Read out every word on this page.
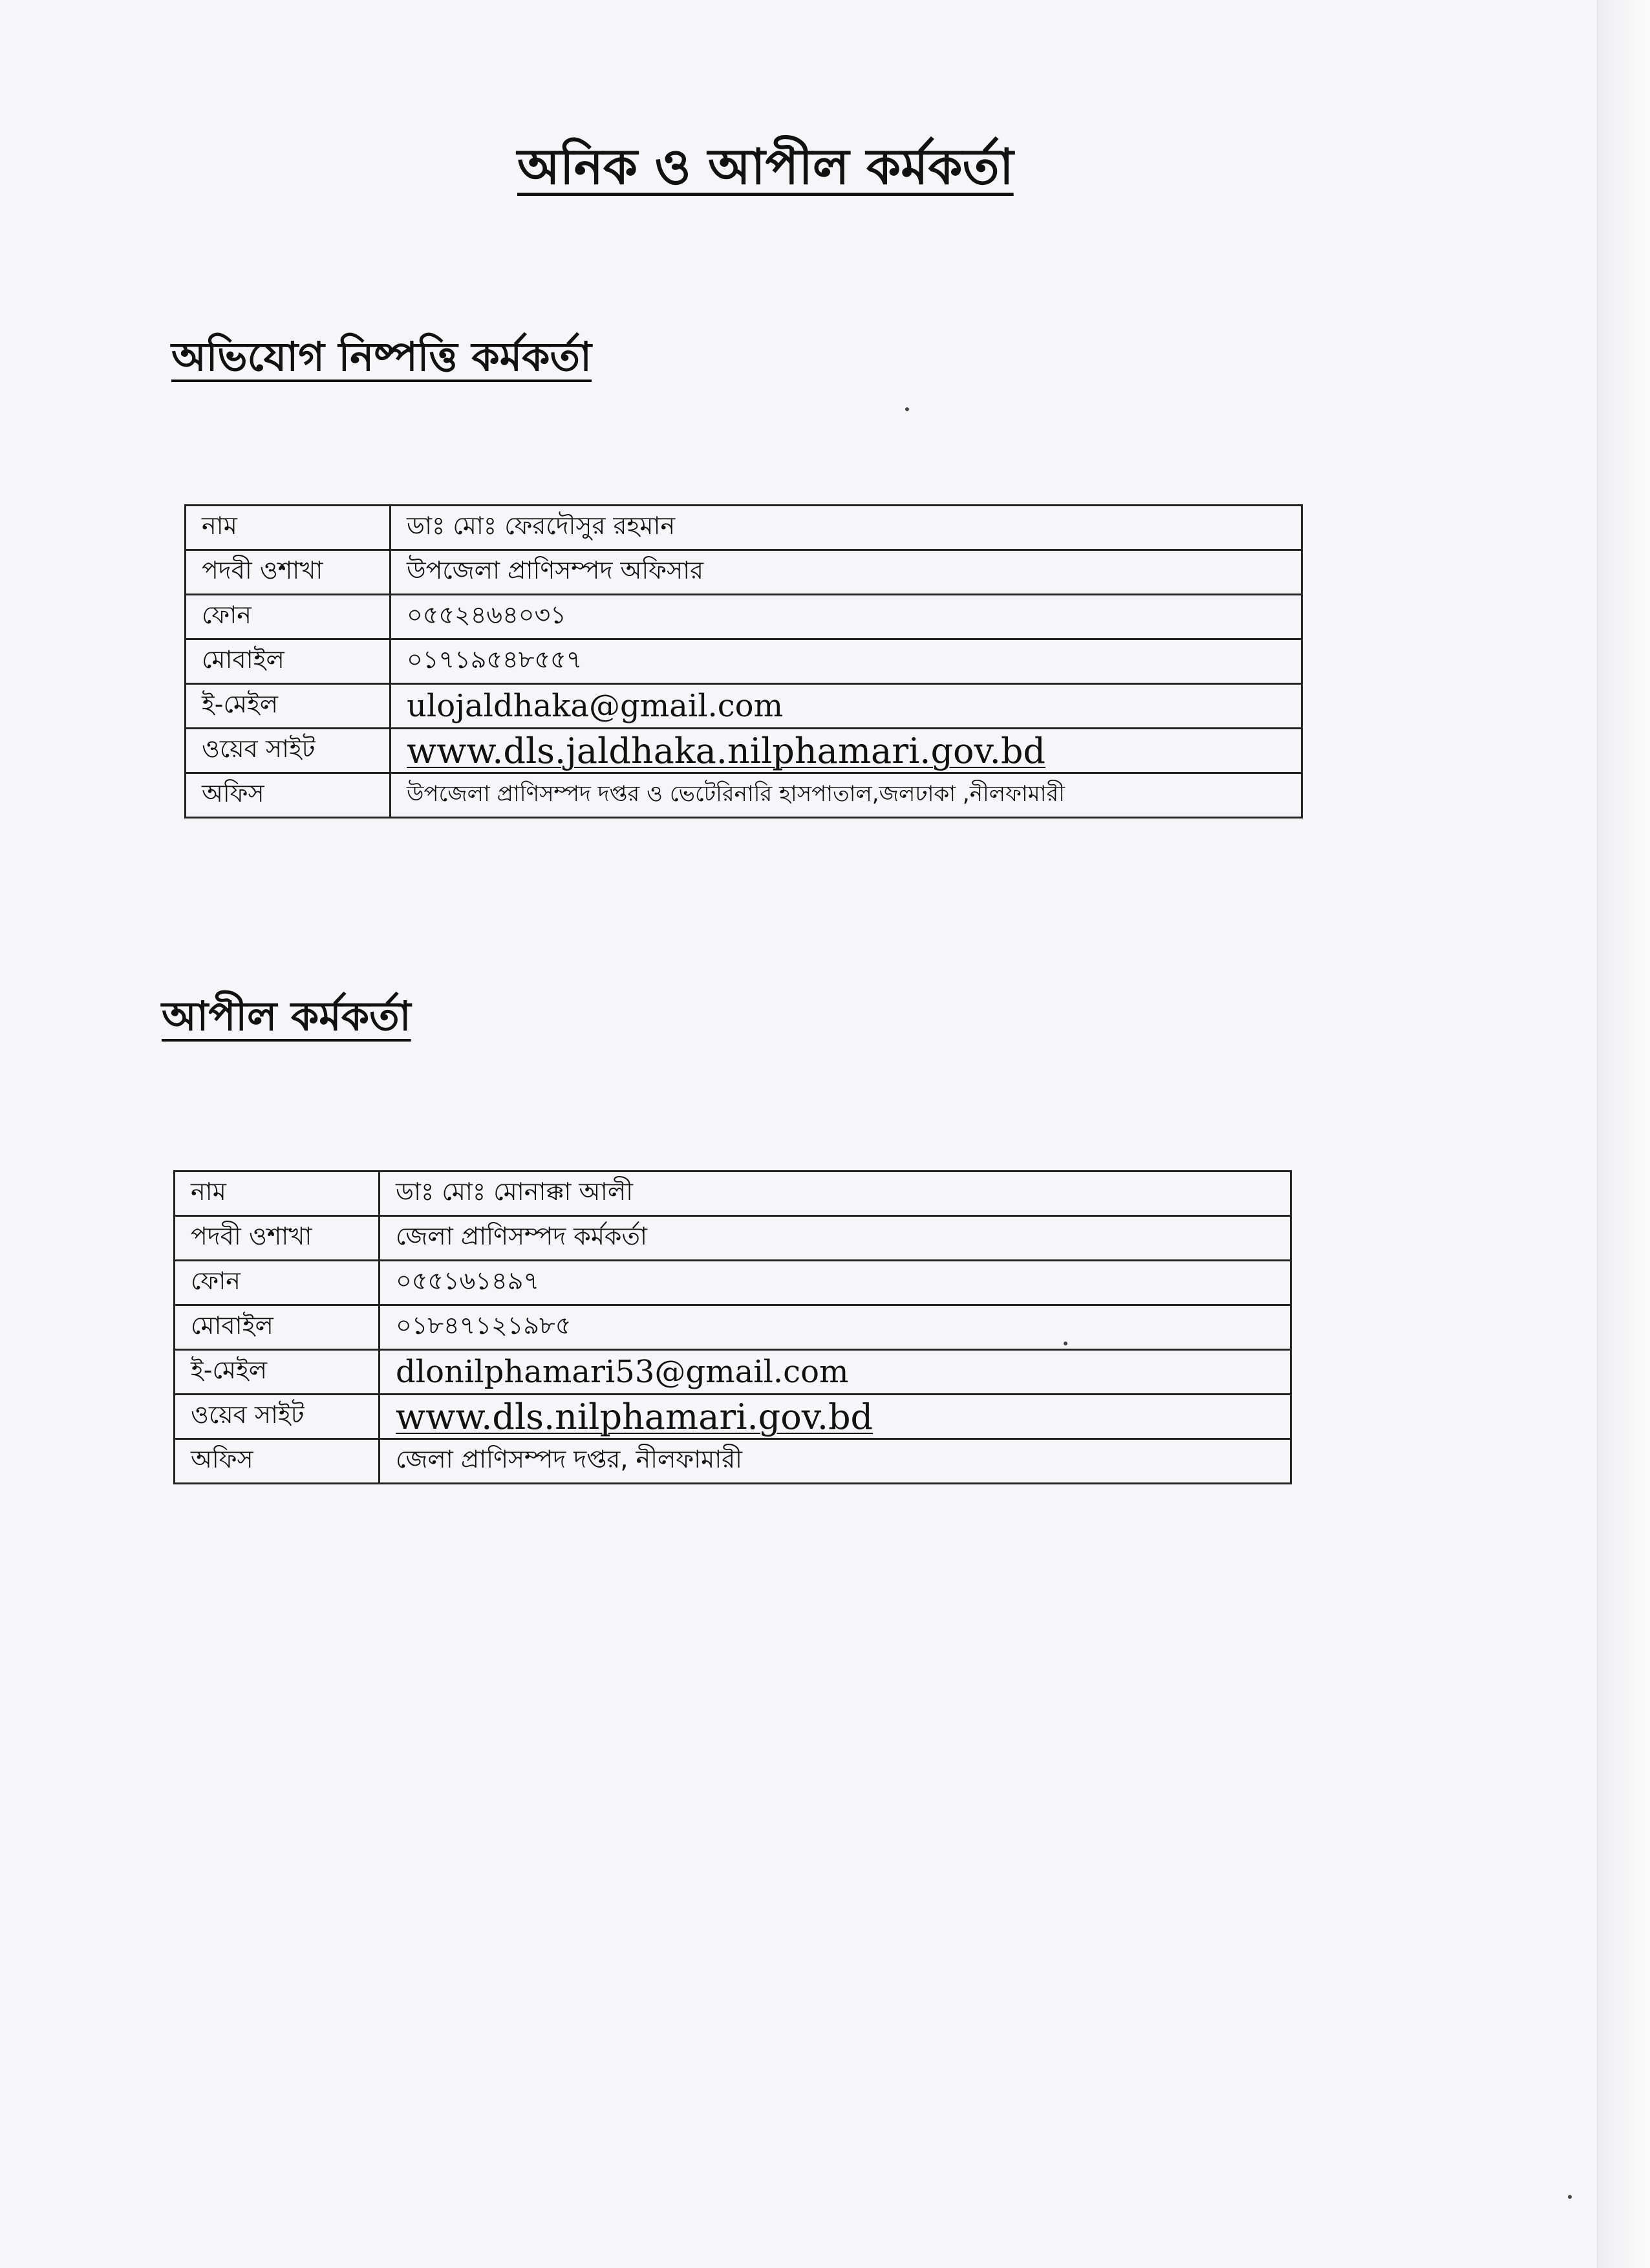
অনিক ও আপীল কর্মকর্তা
অভিযোগ নিষ্পত্তি কর্মকর্তা
নাম	ডাঃ মোঃ ফেরদৌসুর রহমান
পদবী ওশাখা	উপজেলা প্রাণিসম্পদ অফিসার
ফোন	০৫৫২৪৬৪০৩১
মোবাইল	০১৭১৯৫৪৮৫৫৭
ই-মেইল	ulojaldhaka@gmail.com
ওয়েব সাইট	www.dls.jaldhaka.nilphamari.gov.bd
অফিস	উপজেলা প্রাণিসম্পদ দপ্তর ও ভেটেরিনারি হাসপাতাল,জলঢাকা ,নীলফামারী
আপীল কর্মকর্তা
নাম	ডাঃ মোঃ মোনাক্কা আলী
পদবী ওশাখা	জেলা প্রাণিসম্পদ কর্মকর্তা
ফোন	০৫৫১৬১৪৯৭
মোবাইল	০১৮৪৭১২১৯৮৫
ই-মেইল	dlonilphamari53@gmail.com
ওয়েব সাইট	www.dls.nilphamari.gov.bd
অফিস	জেলা প্রাণিসম্পদ দপ্তর, নীলফামারী
